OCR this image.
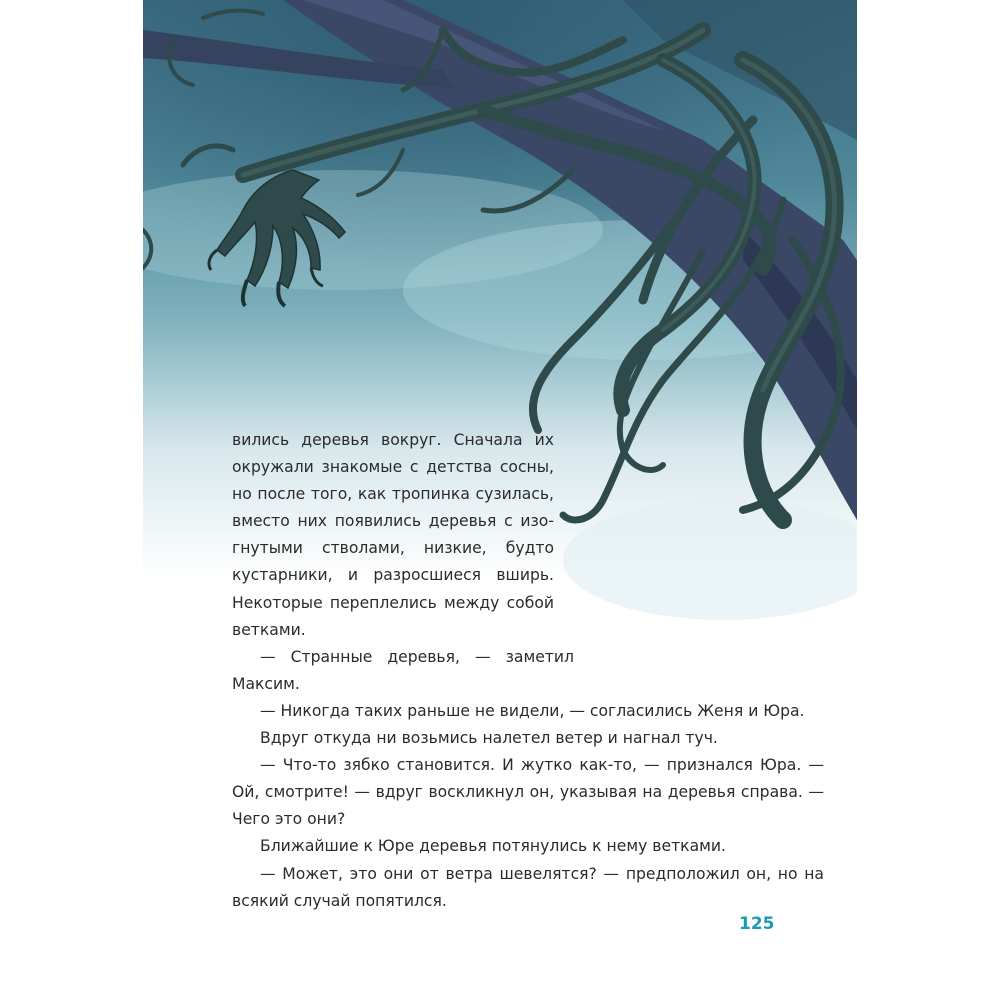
вились деревья вокруг. Сначала их окружали знакомые с детства сосны, но после того, как тропинка сузилась, вместо них появились деревья с изогнутыми стволами, низкие, будто кустарники, и разросшиеся вширь. Некоторые переплелись между собой ветками.

— Странные деревья, — заметил Максим.

— Никогда таких раньше не видели, — согласились Женя и Юра.

Вдруг откуда ни возьмись налетел ветер и нагнал туч.

— Что-то зябко становится. И жутко как-то, — признался Юра. — Ой, смотрите! — вдруг воскликнул он, указывая на деревья справа. — Чего это они?

Ближайшие к Юре деревья потянулись к нему ветками.

— Может, это они от ветра шевелятся? — предположил он, но на всякий случай попятился.

125
